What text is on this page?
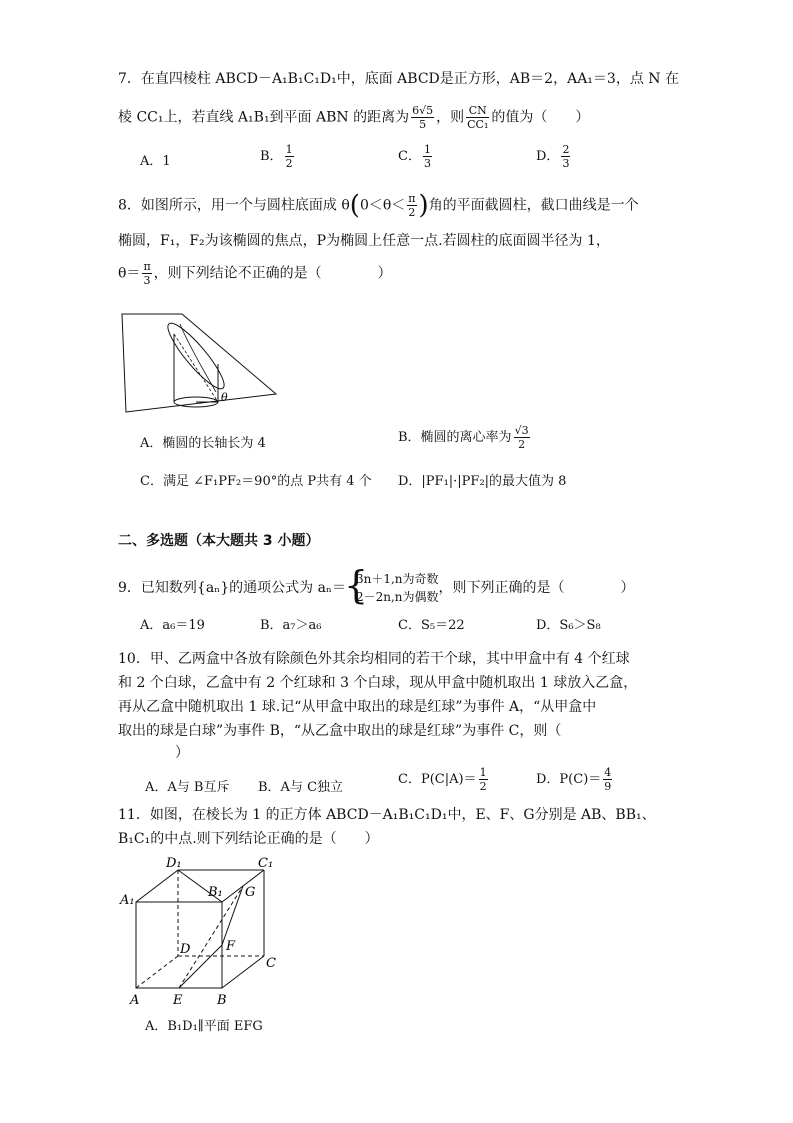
7．在直四棱柱 ABCD－A₁B₁C₁D₁中，底面 ABCD是正方形，AB＝2，AA₁＝3，点 N 在
棱 CC₁上，若直线 A₁B₁到平面 ABN 的距离为 $\frac{6√5}{5}$ ，则 $\frac{CN}{\text{CC₁}}$ 的值为（　　）
A．1	B． $\frac{1}{2}$	C． $\frac{1}{3}$	D． $\frac{2}{3}$
8．如图所示，用一个与圆柱底面成 $\theta(0<\theta< \frac{\pi}{2}$ )角的平面截圆柱，截口曲线是一个
椭圆，F₁，F₂为该椭圆的焦点，P为椭圆上任意一点.若圆柱的底面圆半径为 1，
$\theta= \frac{\pi}{3}$ ，则下列结论不正确的是（　　　　）
θ
A．椭圆的长轴长为 4	B．椭圆的离心率为 $\frac{√3}{2}$
C．满足 ∠F₁PF₂＝90°的点 P共有 4 个 D．|PF₁|·|PF₂|的最大值为 8
二、多选题（本大题共 3 小题）
9．已知数列{aₙ}的通项公式为 aₙ＝
{
3n＋1,n为奇数
2－2n,n为偶数
，则下列正确的是（　　　　）
A．a₆＝19	B．a₇＞a₆	C．S₅＝22	D．S₆＞S₈
10．甲、乙两盒中各放有除颜色外其余均相同的若干个球，其中甲盒中有 4 个红球
和 2 个白球，乙盒中有 2 个红球和 3 个白球，现从甲盒中随机取出 1 球放入乙盒，
再从乙盒中随机取出 1 球.记“从甲盒中取出的球是红球”为事件 A，“从甲盒中
取出的球是白球”为事件 B，“从乙盒中取出的球是红球”为事件 C，则（
）
A．A与 B互斥 B．A与 C独立
C．$P(C|A)= \frac{1}{2}$	D．$P(C)= \frac{4}{9}$
11．如图，在棱长为 1 的正方体 ABCD－A₁B₁C₁D₁中，E、F、G分别是 AB、BB₁、
B₁C₁的中点.则下列结论正确的是（　　）
D₁	C₁
A₁
B₁ G
F
D
C
A	E	B
A．B₁D₁∥平面 EFG
